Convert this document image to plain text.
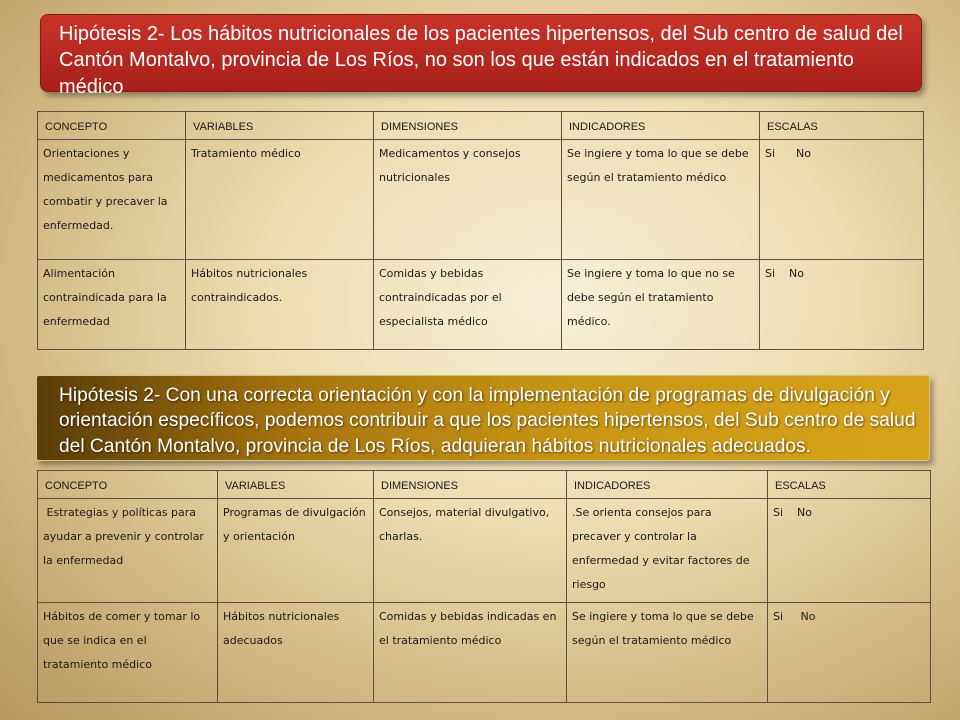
Hipótesis 2- Los hábitos nutricionales de los pacientes hipertensos, del Sub centro de salud del Cantón Montalvo, provincia de Los Ríos, no son los que están indicados en el tratamiento médico
CONCEPTO	VARIABLES	DIMENSIONES	INDICADORES	ESCALAS
Orientaciones y medicamentos para combatir y precaver la enfermedad.	Tratamiento médico	Medicamentos y consejos nutricionales	Se ingiere y toma lo que se debe según el tratamiento médico	Si      No
Alimentación contraindicada para la enfermedad	Hábitos nutricionales contraindicados.	Comidas y bebidas contraindicadas por el especialista médico	Se ingiere y toma lo que no se debe según el tratamiento médico.	Si    No
Hipótesis 2- Con una correcta orientación y con la implementación de programas de divulgación y orientación específicos, podemos contribuir a que los pacientes hipertensos, del Sub centro de salud del Cantón Montalvo, provincia de Los Ríos, adquieran hábitos nutricionales adecuados.
CONCEPTO	VARIABLES	DIMENSIONES	INDICADORES	ESCALAS
Estrategias y políticas para ayudar a prevenir y controlar la enfermedad	Programas de divulgación y orientación	Consejos, material divulgativo,  charlas.	.Se orienta consejos para precaver y controlar la enfermedad y evitar factores de riesgo	Si    No
Hábitos de comer y tomar lo que se indica en el tratamiento médico	Hábitos nutricionales adecuados	Comidas y bebidas indicadas en el tratamiento médico	Se ingiere y toma lo que se debe según el tratamiento médico	Si     No
